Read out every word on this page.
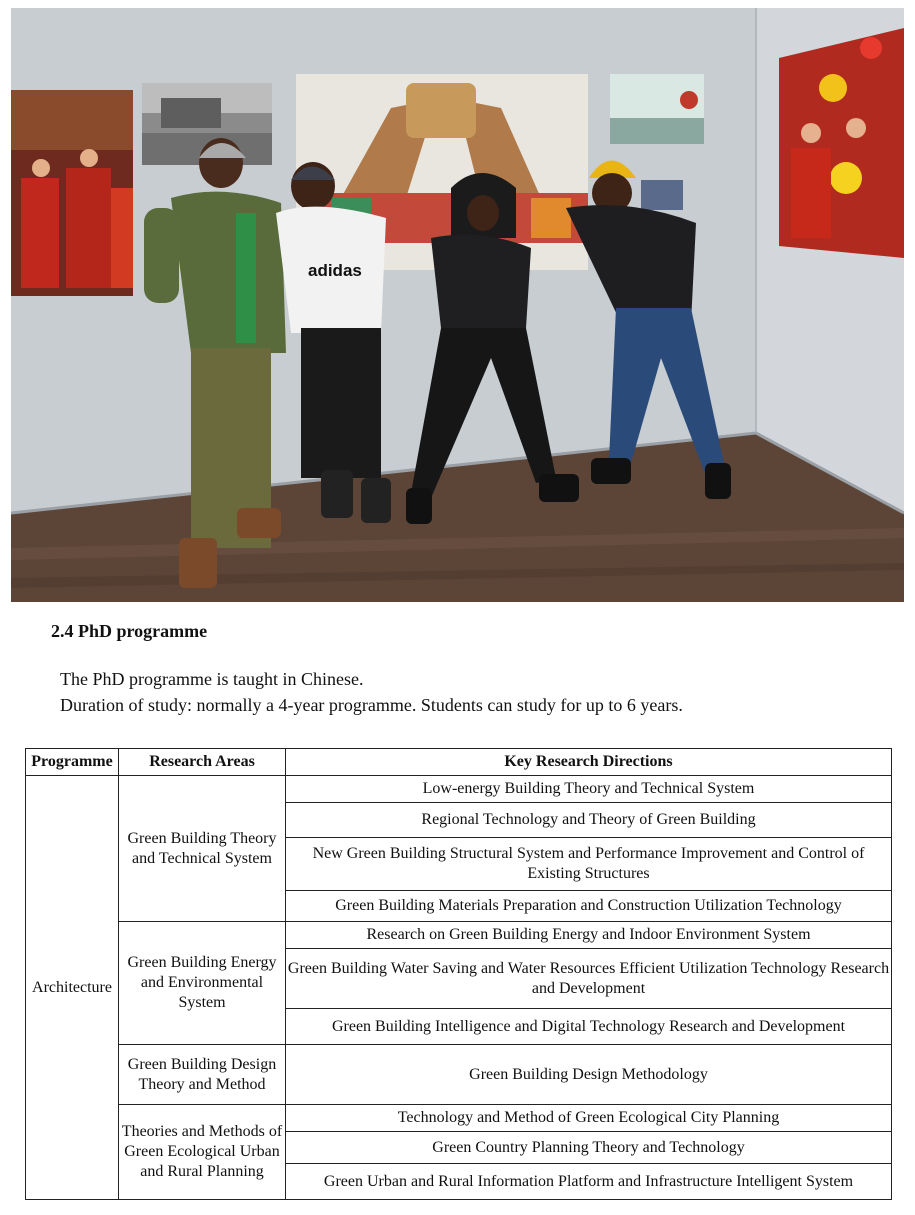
adidas
2.4 PhD programme

The PhD programme is taught in Chinese.

Duration of study: normally a 4-year programme. Students can study for up to 6 years.

Programme	Research Areas	Key Research Directions
Architecture	Green Building Theory and Technical System	Low-energy Building Theory and Technical System
		Regional Technology and Theory of Green Building
		New Green Building Structural System and Performance Improvement and Control of Existing Structures
		Green Building Materials Preparation and Construction Utilization Technology
	Green Building Energy and Environmental System	Research on Green Building Energy and Indoor Environment System
		Green Building Water Saving and Water Resources Efficient Utilization Technology Research and Development
		Green Building Intelligence and Digital Technology Research and Development
	Green Building Design Theory and Method	Green Building Design Methodology
	Theories and Methods of Green Ecological Urban and Rural Planning	Technology and Method of Green Ecological City Planning
		Green Country Planning Theory and Technology
		Green Urban and Rural Information Platform and Infrastructure Intelligent System
